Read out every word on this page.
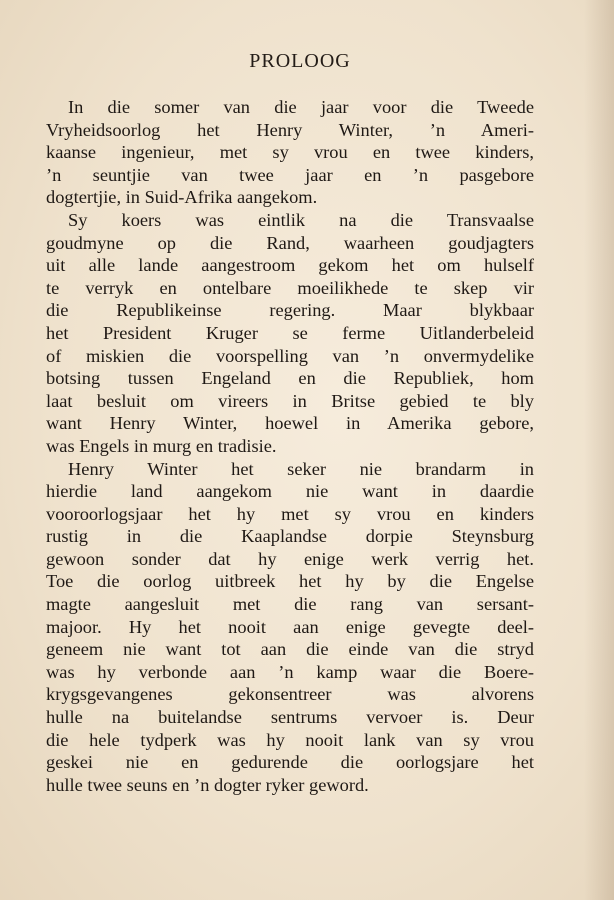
PROLOOG
In die somer van die jaar voor die Tweede
Vryheidsoorlog het Henry Winter, ’n Ameri-
kaanse ingenieur, met sy vrou en twee kinders,
’n seuntjie van twee jaar en ’n pasgebore
dogtertjie, in Suid-Afrika aangekom.
Sy koers was eintlik na die Transvaalse
goudmyne op die Rand, waarheen goudjagters
uit alle lande aangestroom gekom het om hulself
te verryk en ontelbare moeilikhede te skep vir
die Republikeinse regering. Maar blykbaar
het President Kruger se ferme Uitlanderbeleid
of miskien die voorspelling van ’n onvermydelike
botsing tussen Engeland en die Republiek, hom
laat besluit om vireers in Britse gebied te bly
want Henry Winter, hoewel in Amerika gebore,
was Engels in murg en tradisie.
Henry Winter het seker nie brandarm in
hierdie land aangekom nie want in daardie
vooroorlogsjaar het hy met sy vrou en kinders
rustig in die Kaaplandse dorpie Steynsburg
gewoon sonder dat hy enige werk verrig het.
Toe die oorlog uitbreek het hy by die Engelse
magte aangesluit met die rang van sersant-
majoor. Hy het nooit aan enige gevegte deel-
geneem nie want tot aan die einde van die stryd
was hy verbonde aan ’n kamp waar die Boere-
krygsgevangenes gekonsentreer was alvorens
hulle na buitelandse sentrums vervoer is. Deur
die hele tydperk was hy nooit lank van sy vrou
geskei nie en gedurende die oorlogsjare het
hulle twee seuns en ’n dogter ryker geword.
